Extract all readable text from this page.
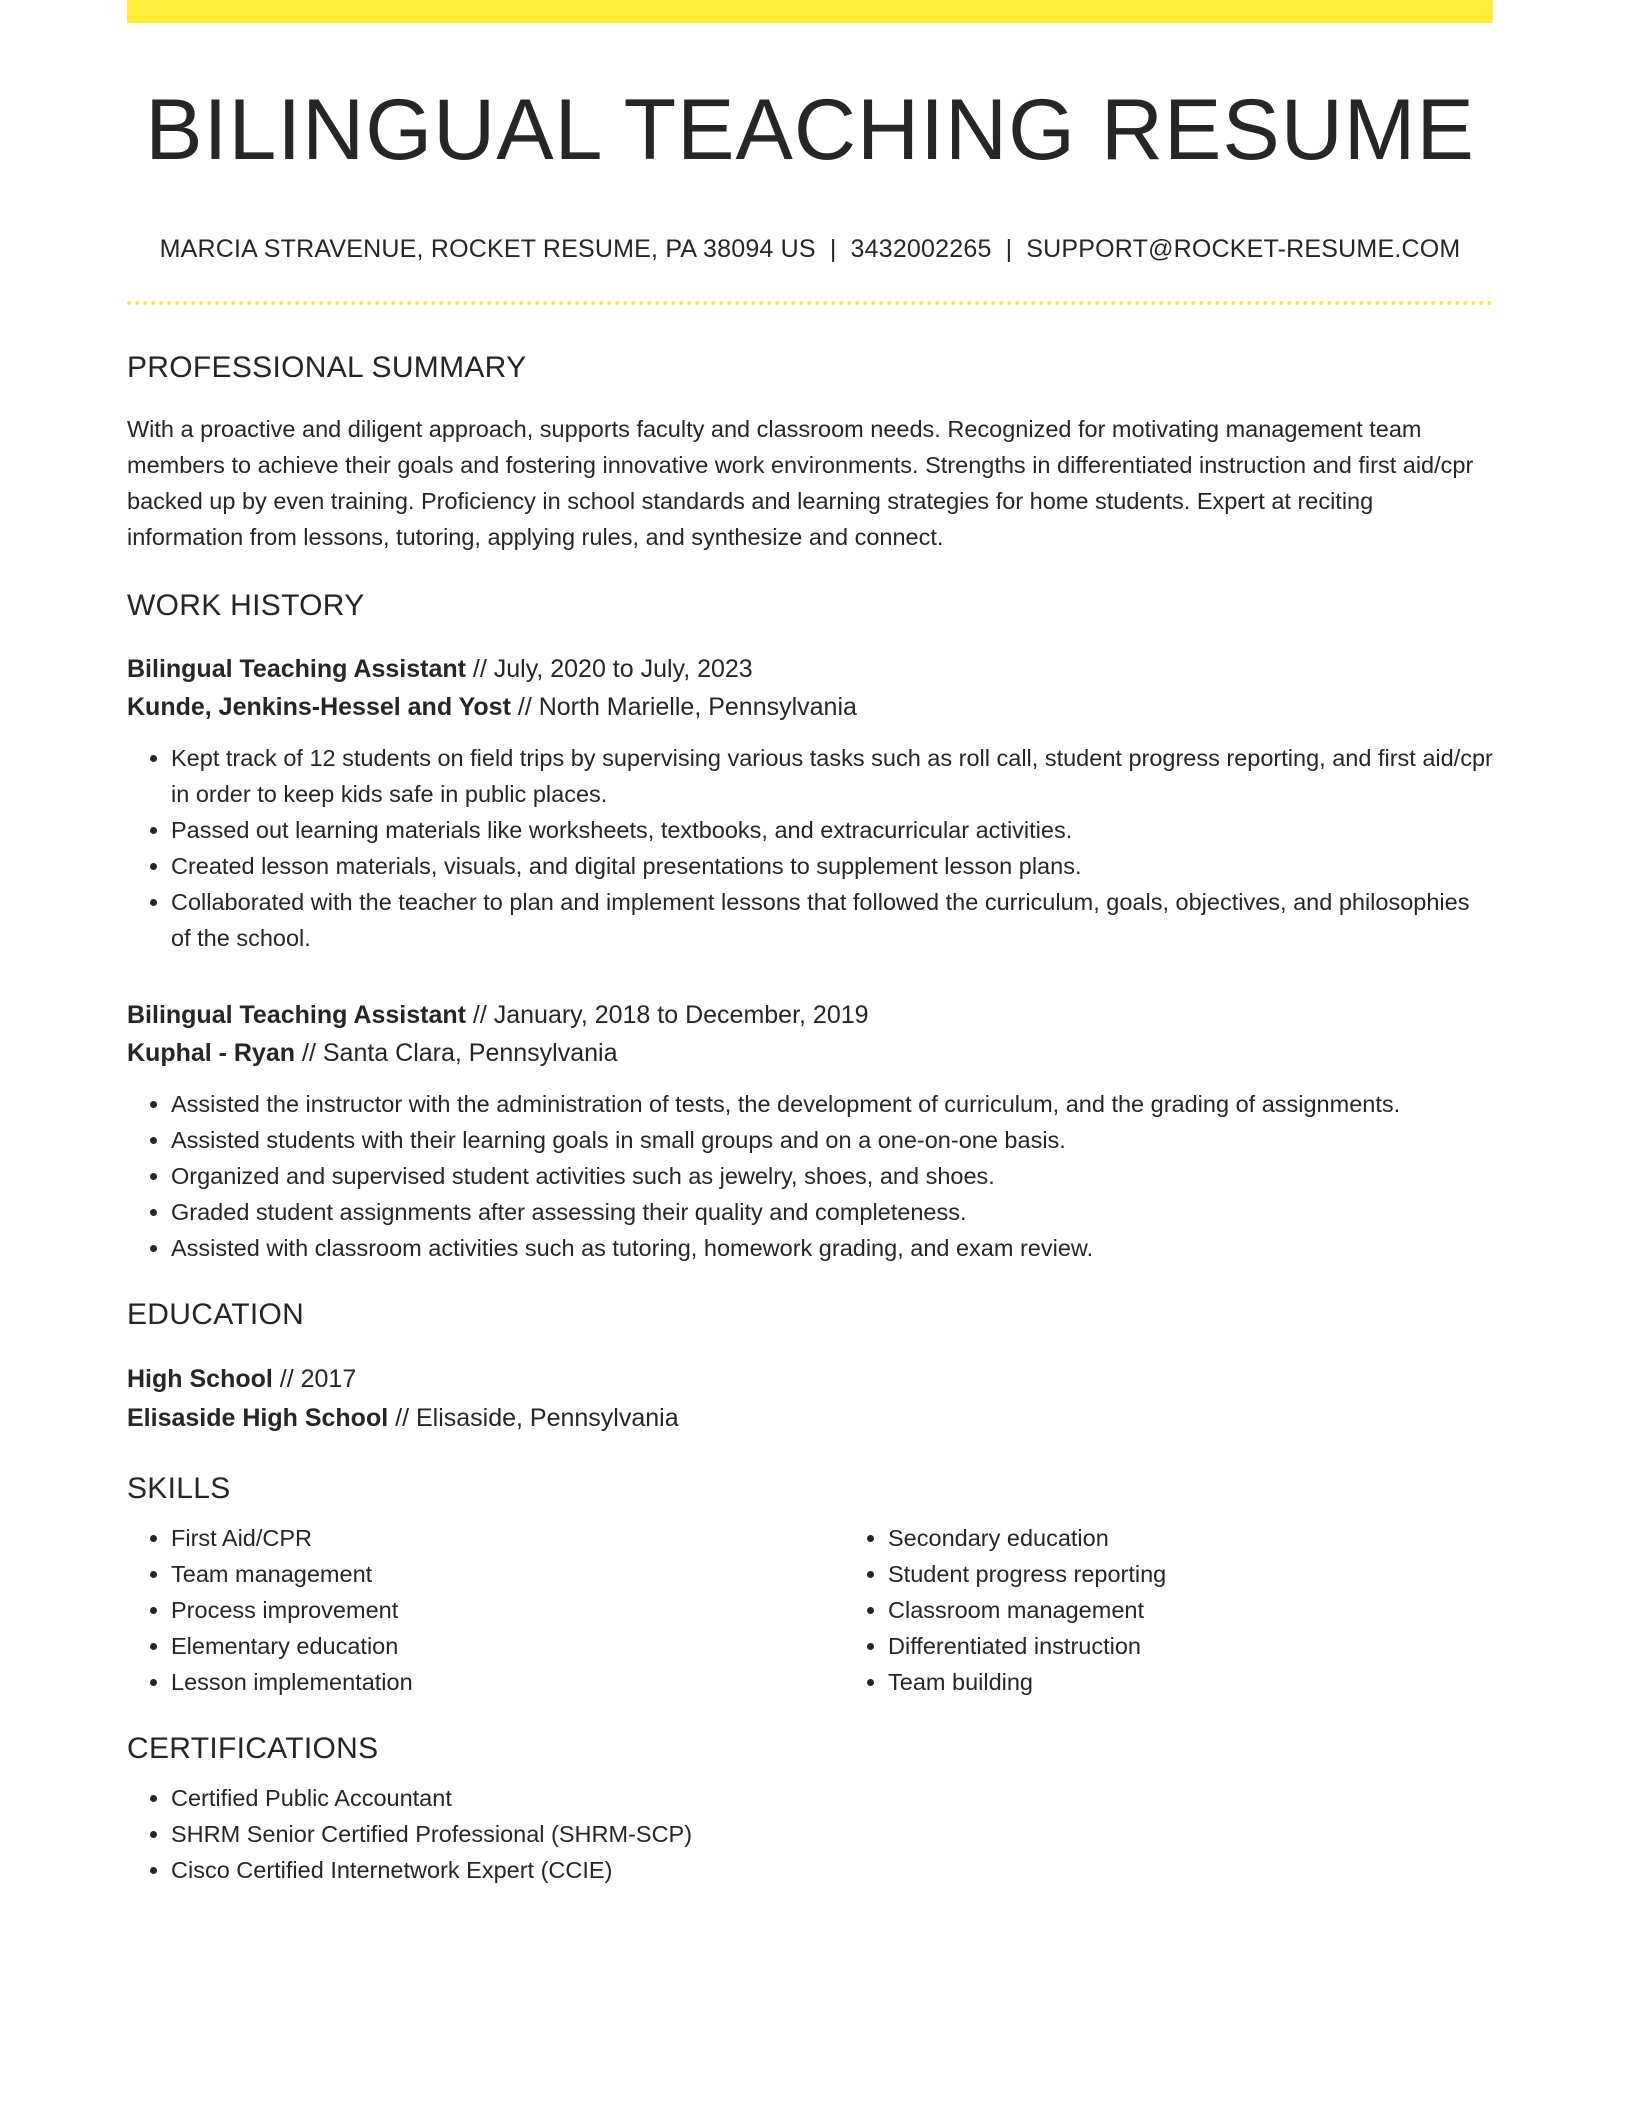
BILINGUAL TEACHING RESUME
MARCIA STRAVENUE, ROCKET RESUME, PA 38094 US | 3432002265 | SUPPORT@ROCKET-RESUME.COM
PROFESSIONAL SUMMARY
With a proactive and diligent approach, supports faculty and classroom needs. Recognized for motivating management team members to achieve their goals and fostering innovative work environments. Strengths in differentiated instruction and first aid/cpr backed up by even training. Proficiency in school standards and learning strategies for home students. Expert at reciting information from lessons, tutoring, applying rules, and synthesize and connect.
WORK HISTORY
Bilingual Teaching Assistant // July, 2020 to July, 2023
Kunde, Jenkins-Hessel and Yost // North Marielle, Pennsylvania
• Kept track of 12 students on field trips by supervising various tasks such as roll call, student progress reporting, and first aid/cpr in order to keep kids safe in public places.
• Passed out learning materials like worksheets, textbooks, and extracurricular activities.
• Created lesson materials, visuals, and digital presentations to supplement lesson plans.
• Collaborated with the teacher to plan and implement lessons that followed the curriculum, goals, objectives, and philosophies of the school.
Bilingual Teaching Assistant // January, 2018 to December, 2019
Kuphal - Ryan // Santa Clara, Pennsylvania
• Assisted the instructor with the administration of tests, the development of curriculum, and the grading of assignments.
• Assisted students with their learning goals in small groups and on a one-on-one basis.
• Organized and supervised student activities such as jewelry, shoes, and shoes.
• Graded student assignments after assessing their quality and completeness.
• Assisted with classroom activities such as tutoring, homework grading, and exam review.
EDUCATION
High School // 2017
Elisaside High School // Elisaside, Pennsylvania
SKILLS
• First Aid/CPR
• Team management
• Process improvement
• Elementary education
• Lesson implementation
• Secondary education
• Student progress reporting
• Classroom management
• Differentiated instruction
• Team building
CERTIFICATIONS
• Certified Public Accountant
• SHRM Senior Certified Professional (SHRM-SCP)
• Cisco Certified Internetwork Expert (CCIE)
